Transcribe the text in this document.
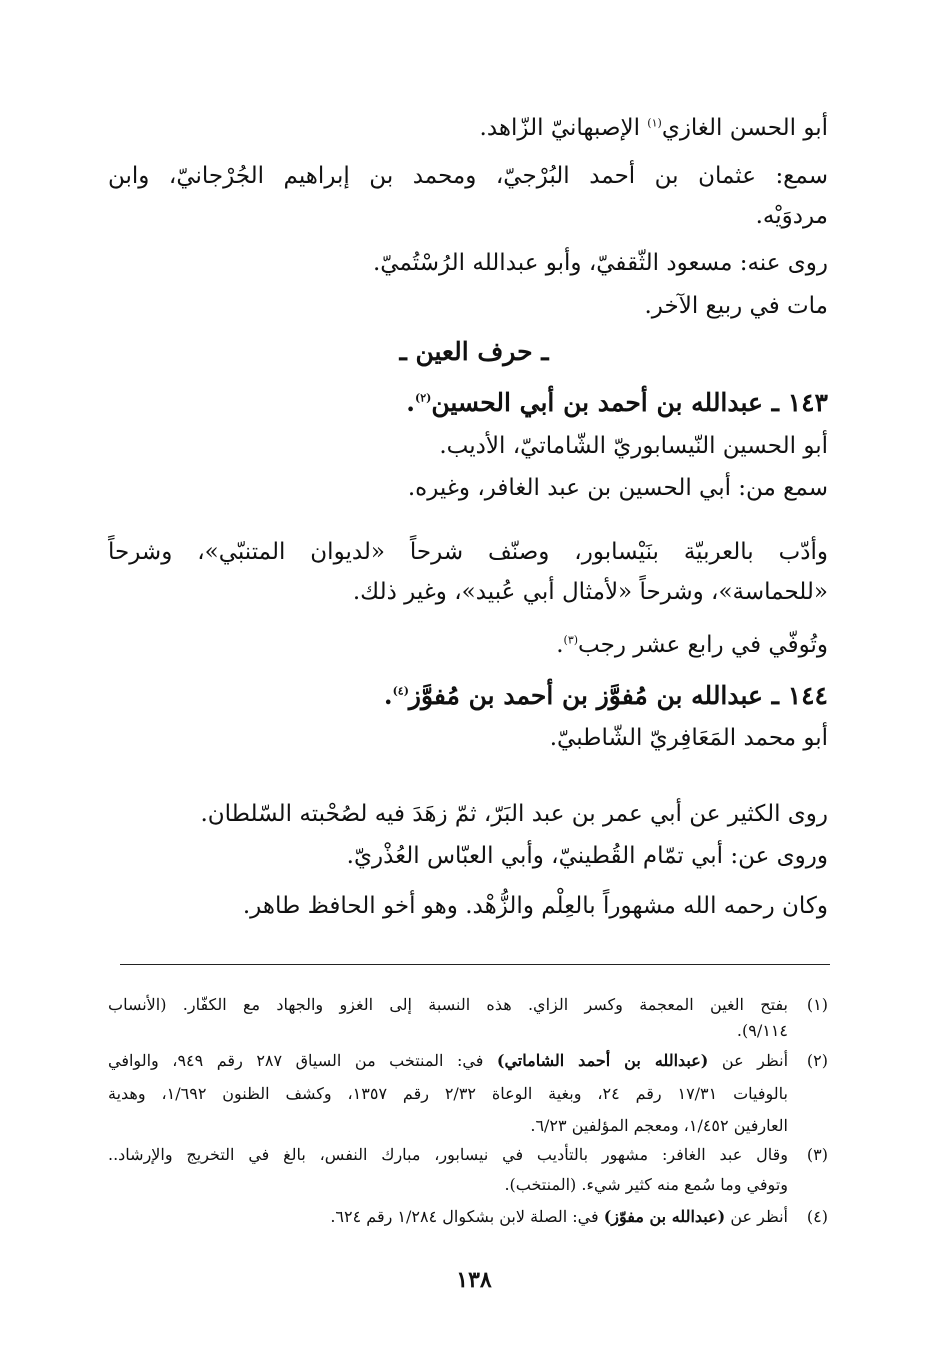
أبو الحسن الغازي$^{(١)}$ الإصبهانيّ الزّاهد.
سمع: عثمان بن أحمد البُرْجيّ، ومحمد بن إبراهيم الجُرْجانيّ، وابن
مردوَيْه.
روى عنه: مسعود الثّقفيّ، وأبو عبدالله الرُسْتُميّ.
مات في ربيع الآخر.
ـ حرف العين ـ
١٤٣ ـ عبدالله بن أحمد بن أبي الحسين$^{(٢)}$.
أبو الحسين النّيسابوريّ الشّاماتيّ، الأديب.
سمع من: أبي الحسين بن عبد الغافر، وغيره.
وأدّب بالعربيّة بنَيْسابور، وصنّف شرحاً «لديوان المتنبّي»، وشرحاً
«للحماسة»، وشرحاً «لأمثال أبي عُبيد»، وغير ذلك.
وتُوفّي في رابع عشر رجب$^{(٣)}$.
١٤٤ ـ عبدالله بن مُفوَّز بن أحمد بن مُفوَّز$^{(٤)}$.
أبو محمد المَعَافِريّ الشّاطبيّ.
روى الكثير عن أبي عمر بن عبد البَرّ، ثمّ زهَدَ فيه لصُحْبته السّلطان.
وروى عن: أبي تمّام القُطينيّ، وأبي العبّاس العُذْريّ.
وكان رحمه الله مشهوراً بالعِلْم والزُّهْد. وهو أخو الحافظ طاهر.
(١)
بفتح الغين المعجمة وكسر الزاي. هذه النسبة إلى الغزو والجهاد مع الكفّار. (الأنساب
٩/١١٤).
(٢)
أنظر عن (عبدالله بن أحمد الشاماتي) في: المنتخب من السياق ٢٨٧ رقم ٩٤٩، والوافي
بالوفيات ١٧/٣١ رقم ٢٤، وبغية الوعاة ٢/٣٢ رقم ١٣٥٧، وكشف الظنون ١/٦٩٢، وهدية
العارفين ١/٤٥٢، ومعجم المؤلفين ٦/٢٣.
(٣)
وقال عبد الغافر: مشهور بالتأديب في نيسابور، مبارك النفس، بالغ في التخريج والإرشاد..
وتوفي وما سُمع منه كثير شيء. (المنتخب).
(٤)
أنظر عن (عبدالله بن مفوّز) في: الصلة لابن بشكوال ١/٢٨٤ رقم ٦٢٤.
١٣٨
